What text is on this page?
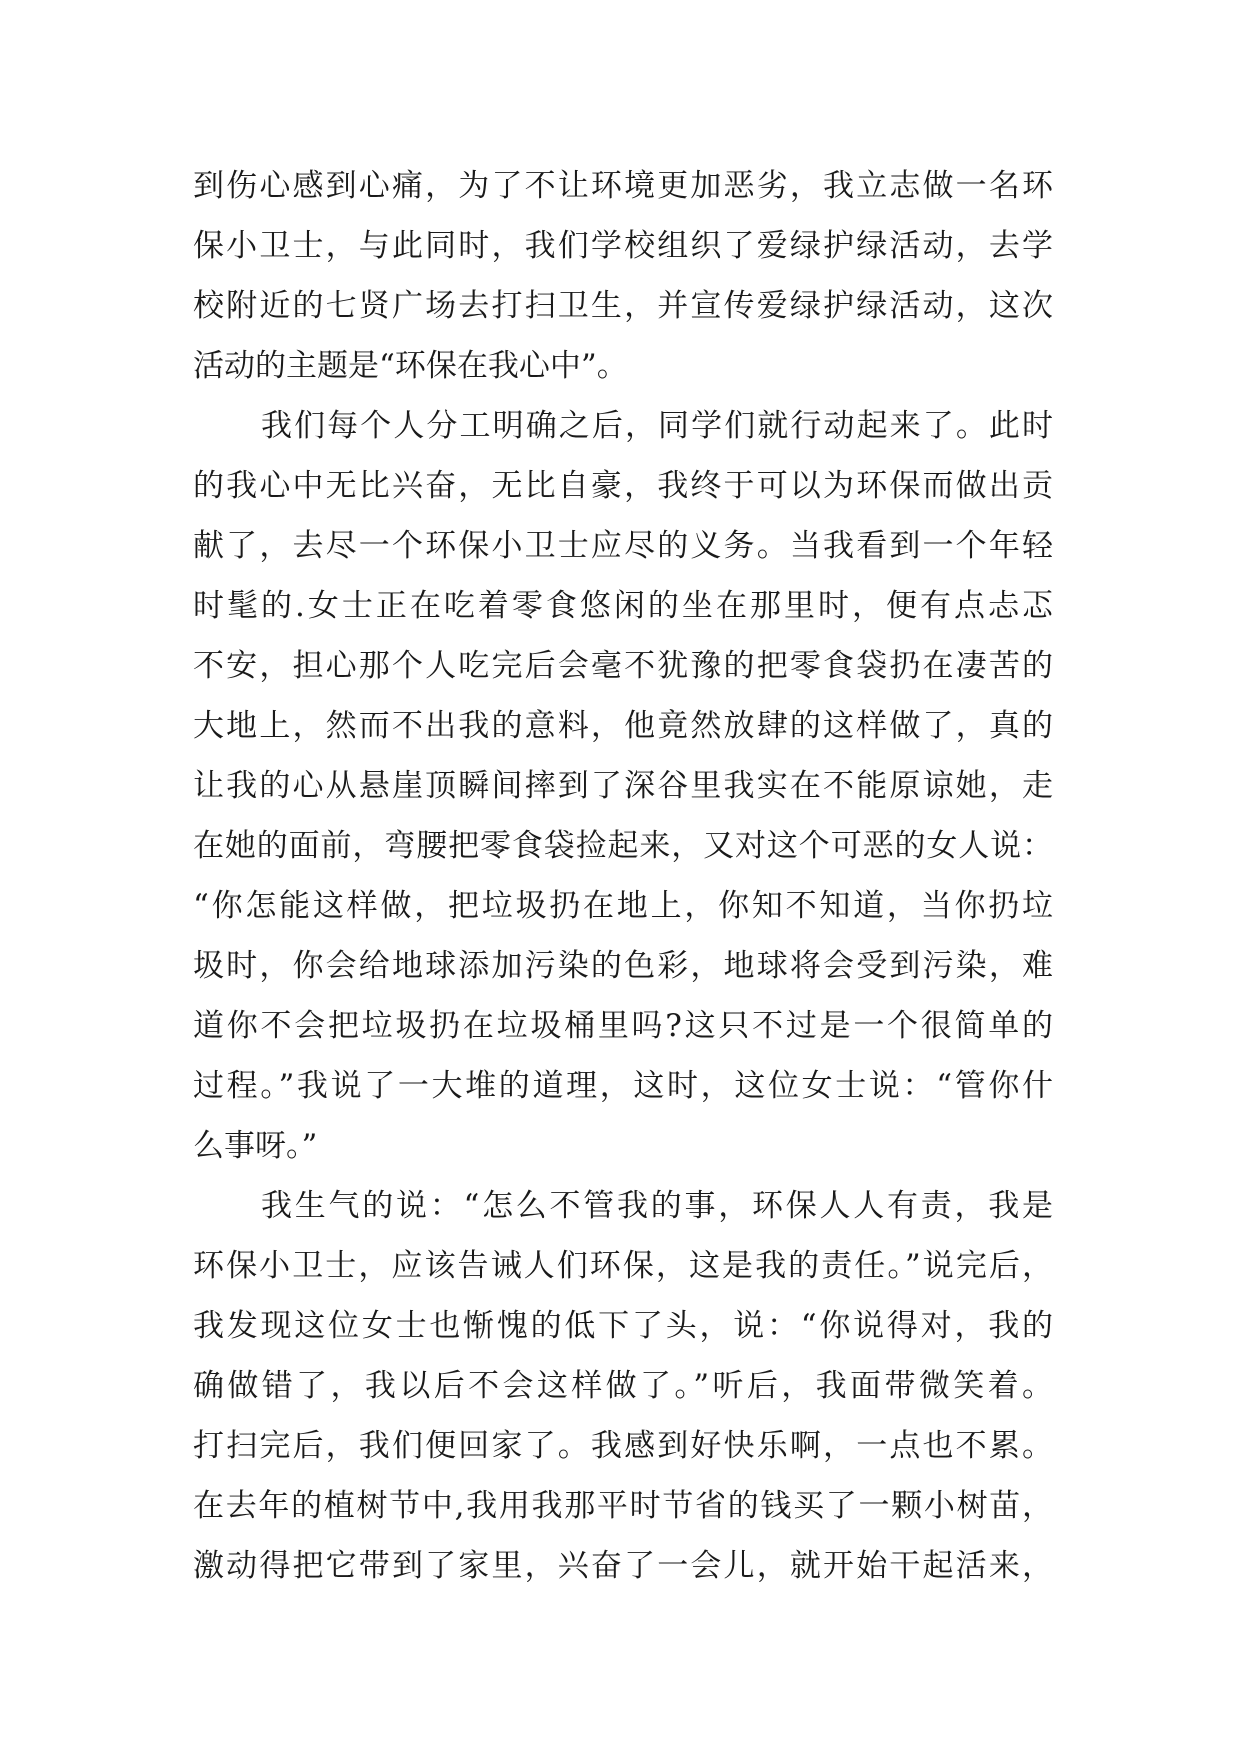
到伤心感到心痛，为了不让环境更加恶劣，我立志做一名环
保小卫士，与此同时，我们学校组织了爱绿护绿活动，去学
校附近的七贤广场去打扫卫生，并宣传爱绿护绿活动，这次
活动的主题是“环保在我心中”。
我们每个人分工明确之后，同学们就行动起来了。此时
的我心中无比兴奋，无比自豪，我终于可以为环保而做出贡
献了，去尽一个环保小卫士应尽的义务。当我看到一个年轻
时髦的.女士正在吃着零食悠闲的坐在那里时，便有点忐忑
不安，担心那个人吃完后会毫不犹豫的把零食袋扔在凄苦的
大地上，然而不出我的意料，他竟然放肆的这样做了，真的
让我的心从悬崖顶瞬间摔到了深谷里我实在不能原谅她，走
在她的面前，弯腰把零食袋捡起来，又对这个可恶的女人说：
“你怎能这样做，把垃圾扔在地上，你知不知道，当你扔垃
圾时，你会给地球添加污染的色彩，地球将会受到污染，难
道你不会把垃圾扔在垃圾桶里吗?这只不过是一个很简单的
过程。”我说了一大堆的道理，这时，这位女士说：“管你什
么事呀。”
我生气的说：“怎么不管我的事，环保人人有责，我是
环保小卫士，应该告诫人们环保，这是我的责任。”说完后，
我发现这位女士也惭愧的低下了头，说：“你说得对，我的
确做错了，我以后不会这样做了。”听后，我面带微笑着。
打扫完后，我们便回家了。我感到好快乐啊，一点也不累。
在去年的植树节中,我用我那平时节省的钱买了一颗小树苗，
激动得把它带到了家里，兴奋了一会儿，就开始干起活来，
